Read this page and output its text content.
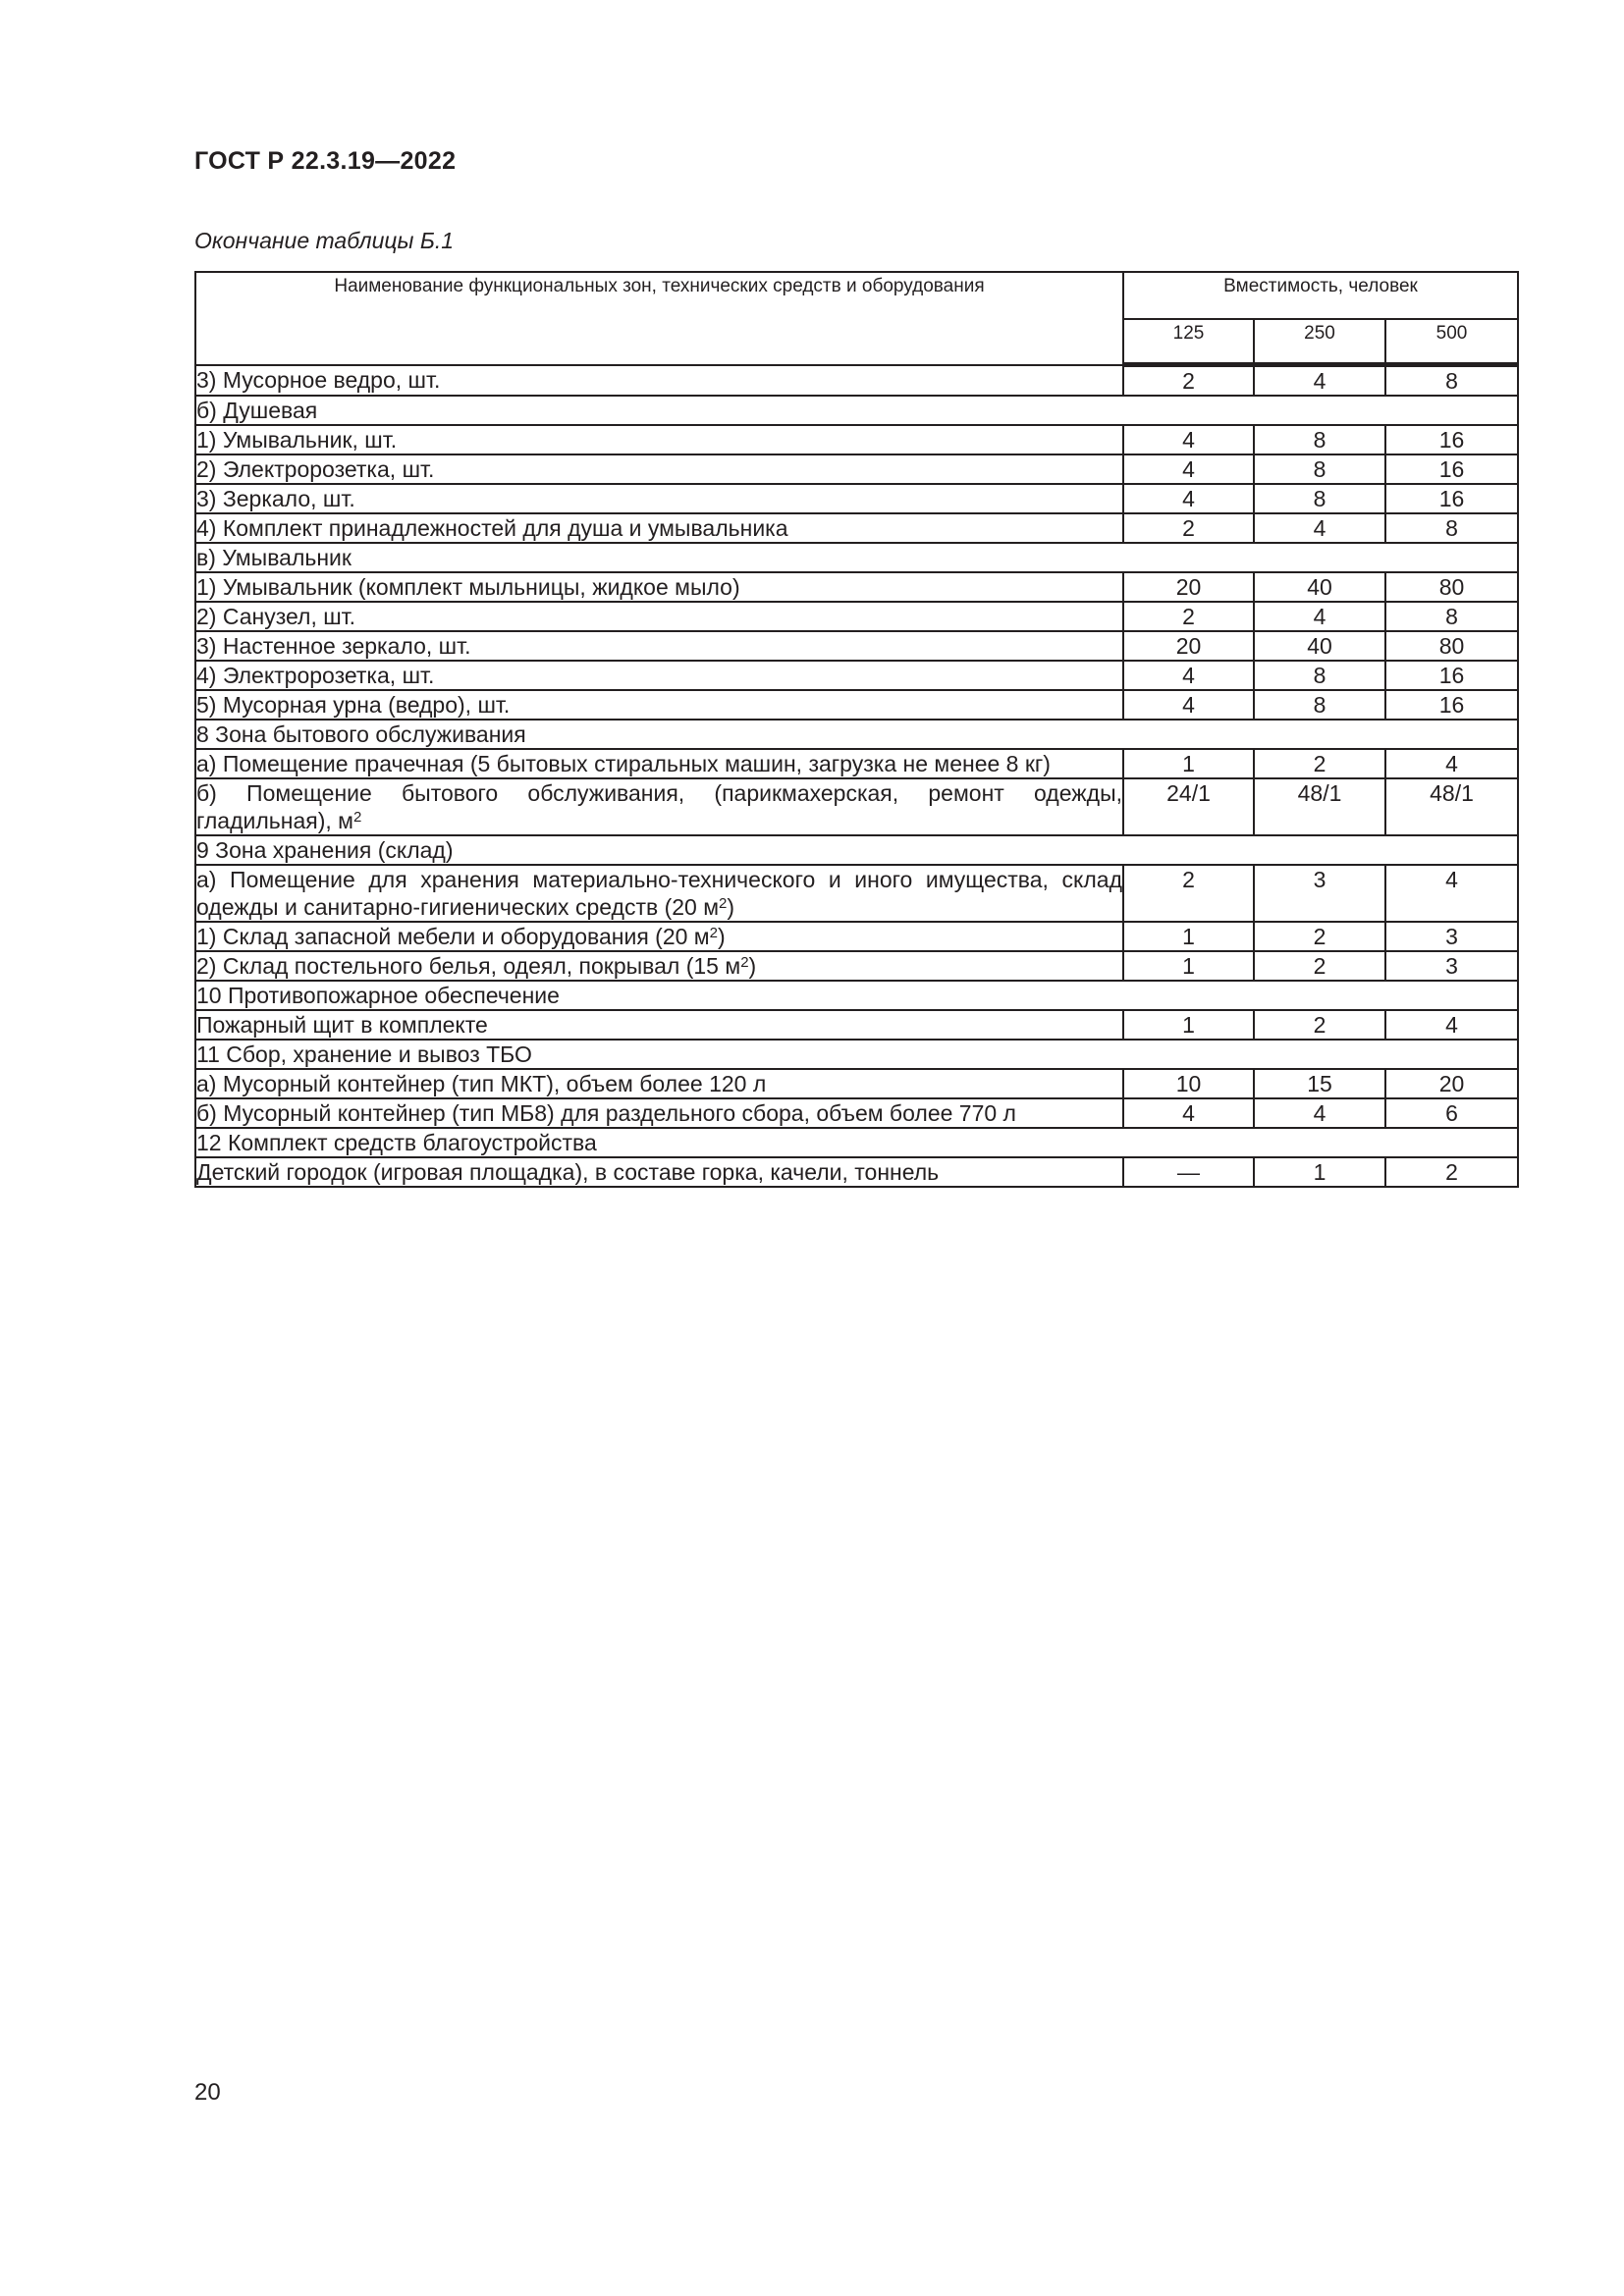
ГОСТ Р 22.3.19—2022
Окончание таблицы Б.1
Наименование функциональных зон, технических средств и оборудования	Вместимость, человек		
	125	250	500
3) Мусорное ведро, шт.	2	4	8
б) Душевая			
1) Умывальник, шт.	4	8	16
2) Электророзетка, шт.	4	8	16
3) Зеркало, шт.	4	8	16
4) Комплект принадлежностей для душа и умывальника	2	4	8
в) Умывальник			
1) Умывальник (комплект мыльницы, жидкое мыло)	20	40	80
2) Санузел, шт.	2	4	8
3) Настенное зеркало, шт.	20	40	80
4) Электророзетка, шт.	4	8	16
5) Мусорная урна (ведро), шт.	4	8	16
8 Зона бытового обслуживания			
а) Помещение прачечная (5 бытовых стиральных машин, загрузка не менее 8 кг)	1	2	4
б) Помещение бытового обслуживания, (парикмахерская, ремонт одежды, гладильная), $м^2$	24/1	48/1	48/1
9 Зона хранения (склад)			
а) Помещение для хранения материально-технического и иного имущества, склад одежды и санитарно-гигиенических средств (20 $м^2$)	2	3	4
1) Склад запасной мебели и оборудования (20 $м^2$)	1	2	3
2) Склад постельного белья, одеял, покрывал (15 $м^2$)	1	2	3
10 Противопожарное обеспечение			
Пожарный щит в комплекте	1	2	4
11 Сбор, хранение и вывоз ТБО			
а) Мусорный контейнер (тип МКТ), объем более 120 л	10	15	20
б) Мусорный контейнер (тип МБ8) для раздельного сбора, объем более 770 л	4	4	6
12 Комплект средств благоустройства			
Детский городок (игровая площадка), в составе горка, качели, тоннель	—	1	2
20
